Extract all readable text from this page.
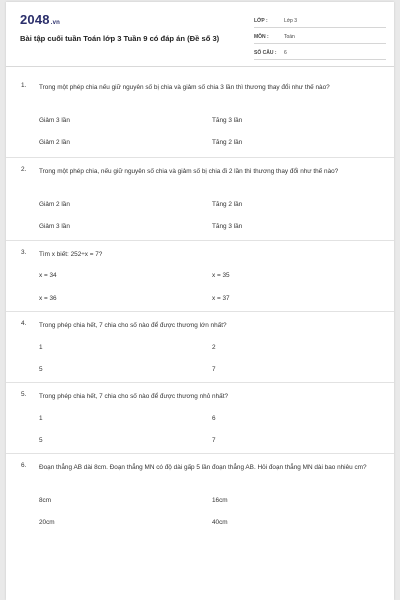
2048.vn
Bài tập cuối tuần Toán lớp 3 Tuần 9 có đáp án (Đề số 3)
LỚP :	Lớp 3
MÔN :	Toán
SỐ CÂU : 6
1. Trong một phép chia nếu giữ nguyên số bị chia và giảm số chia 3 lần thì thương thay đổi như thế nào?
Giảm 3 lần	Tăng 3 lần
Giảm 2 lần	Tăng 2 lần
2. Trong một phép chia, nếu giữ nguyên số chia và giảm số bị chia đi 2 lần thì thương thay đổi như thế nào?
Giảm 2 lần	Tăng 2 lần
Giảm 3 lần	Tăng 3 lần
3. Tìm x biết: 252÷x = 7?
x = 34	x = 35
x = 36	x = 37
4. Trong phép chia hết, 7 chia cho số nào để được thương lớn nhất?
1	2
5	7
5. Trong phép chia hết, 7 chia cho số nào để được thương nhỏ nhất?
1	6
5	7
6. Đoạn thẳng AB dài 8cm. Đoạn thẳng MN có độ dài gấp 5 lần đoạn thẳng AB. Hỏi đoạn thẳng MN dài bao nhiêu cm?
8cm	16cm
20cm	40cm
